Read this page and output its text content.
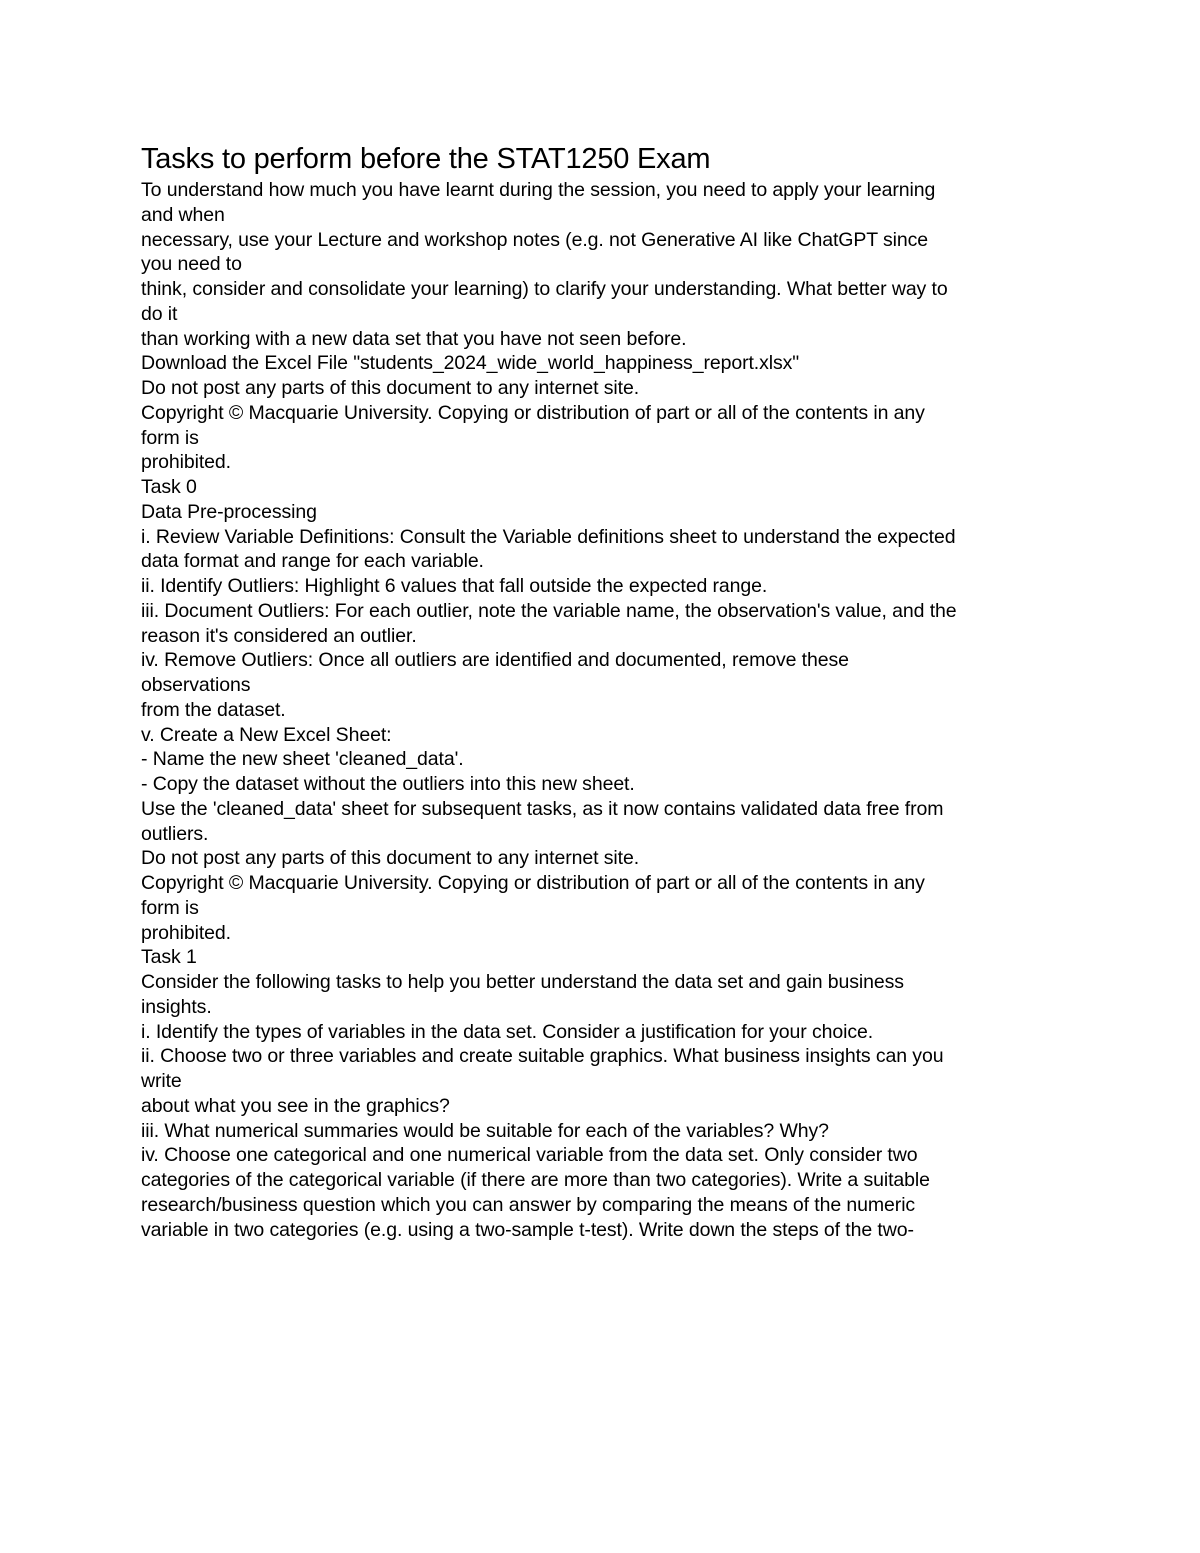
Tasks to perform before the STAT1250 Exam
To understand how much you have learnt during the session, you need to apply your learning
and when
necessary, use your Lecture and workshop notes (e.g. not Generative AI like ChatGPT since
you need to
think, consider and consolidate your learning) to clarify your understanding. What better way to
do it
than working with a new data set that you have not seen before.
Download the Excel File "students_2024_wide_world_happiness_report.xlsx"
Do not post any parts of this document to any internet site.
Copyright © Macquarie University. Copying or distribution of part or all of the contents in any
form is
prohibited.
Task 0
Data Pre-processing
i. Review Variable Definitions: Consult the Variable definitions sheet to understand the expected
data format and range for each variable.
ii. Identify Outliers: Highlight 6 values that fall outside the expected range.
iii. Document Outliers: For each outlier, note the variable name, the observation's value, and the
reason it's considered an outlier.
iv. Remove Outliers: Once all outliers are identified and documented, remove these
observations
from the dataset.
v. Create a New Excel Sheet:
- Name the new sheet 'cleaned_data'.
- Copy the dataset without the outliers into this new sheet.
Use the 'cleaned_data' sheet for subsequent tasks, as it now contains validated data free from
outliers.
Do not post any parts of this document to any internet site.
Copyright © Macquarie University. Copying or distribution of part or all of the contents in any
form is
prohibited.
Task 1
Consider the following tasks to help you better understand the data set and gain business
insights.
i. Identify the types of variables in the data set. Consider a justification for your choice.
ii. Choose two or three variables and create suitable graphics. What business insights can you
write
about what you see in the graphics?
iii. What numerical summaries would be suitable for each of the variables? Why?
iv. Choose one categorical and one numerical variable from the data set. Only consider two
categories of the categorical variable (if there are more than two categories). Write a suitable
research/business question which you can answer by comparing the means of the numeric
variable in two categories (e.g. using a two-sample t-test). Write down the steps of the two-
